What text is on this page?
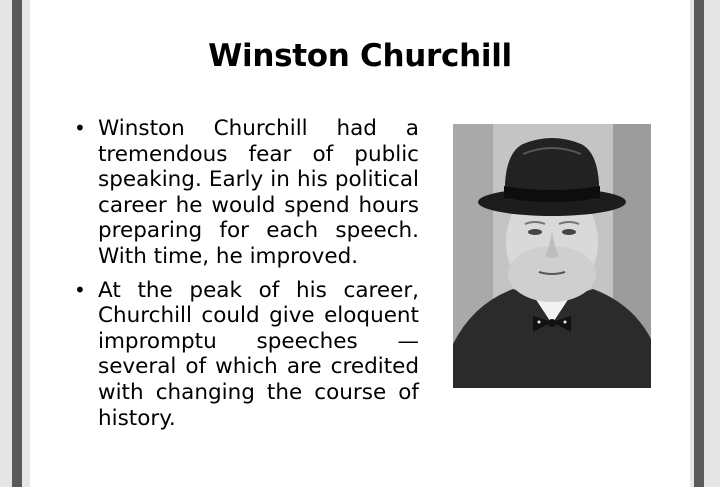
Winston Churchill
• Winston Churchill had a tremendous fear of public speaking. Early in his political career he would spend hours preparing for each speech. With time, he improved.
• At the peak of his career, Churchill could give eloquent impromptu speeches — several of which are credited with changing the course of history.
